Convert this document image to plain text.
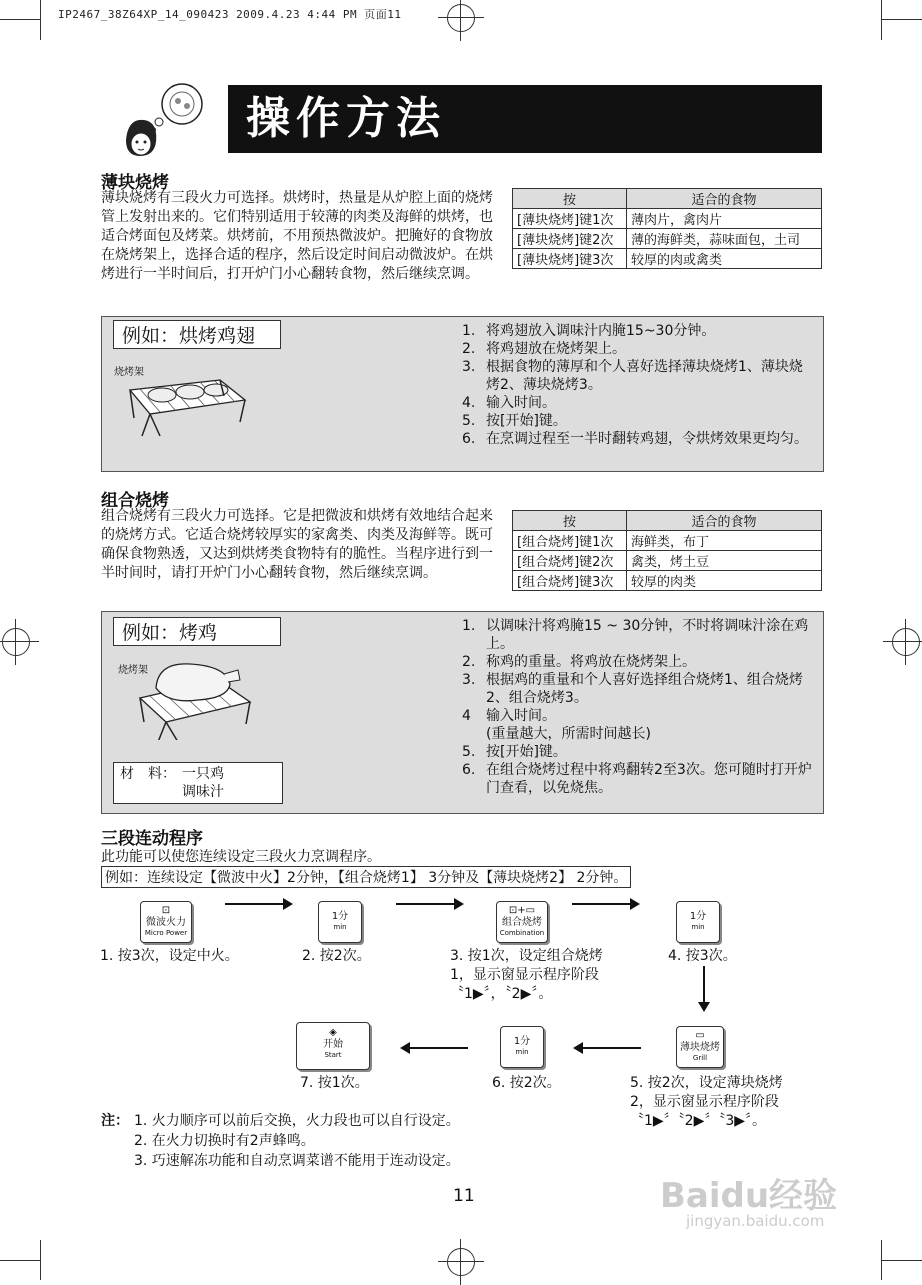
IP2467_38Z64XP_14_090423 2009.4.23 4:44 PM 页面11
操作方法
薄块烧烤
薄块烧烤有三段火力可选择。烘烤时，热量是从炉腔上面的烧烤管上发射出来的。它们特别适用于较薄的肉类及海鲜的烘烤，也适合烤面包及烤菜。烘烤前，不用预热微波炉。把腌好的食物放在烧烤架上，选择合适的程序，然后设定时间启动微波炉。在烘烤进行一半时间后，打开炉门小心翻转食物，然后继续烹调。
按	适合的食物
[薄块烧烤]键1次	薄肉片，禽肉片
[薄块烧烤]键2次	薄的海鲜类，蒜味面包，土司
[薄块烧烤]键3次	较厚的肉或禽类
例如：烘烤鸡翅
烧烤架
1. 将鸡翅放入调味汁内腌15~30分钟。
2. 将鸡翅放在烧烤架上。
3. 根据食物的薄厚和个人喜好选择薄块烧烤1、薄块烧烤2、薄块烧烤3。
4. 输入时间。
5. 按[开始]键。
6. 在烹调过程至一半时翻转鸡翅，令烘烤效果更均匀。
组合烧烤
组合烧烤有三段火力可选择。它是把微波和烘烤有效地结合起来的烧烤方式。它适合烧烤较厚实的家禽类、肉类及海鲜等。既可确保食物熟透，又达到烘烤类食物特有的脆性。当程序进行到一半时间时，请打开炉门小心翻转食物，然后继续烹调。
按	适合的食物
[组合烧烤]键1次	海鲜类，布丁
[组合烧烤]键2次	禽类，烤土豆
[组合烧烤]键3次	较厚的肉类
例如：烤鸡
烧烤架
材　料： 一只鸡
调味汁
1. 以调味汁将鸡腌15 ~ 30分钟，不时将调味汁涂在鸡上。
2. 称鸡的重量。将鸡放在烧烤架上。
3. 根据鸡的重量和个人喜好选择组合烧烤1、组合烧烤2、组合烧烤3。
4 输入时间。
(重量越大，所需时间越长)
5. 按[开始]键。
6. 在组合烧烤过程中将鸡翻转2至3次。您可随时打开炉门查看，以免烧焦。
三段连动程序
此功能可以使您连续设定三段火力烹调程序。
例如：连续设定【微波中火】2分钟，【组合烧烤1】 3分钟及【薄块烧烤2】 2分钟。
⊡
微波火力
Micro Power
1分
min
⊡+▭
组合烧烤
Combination
1分
min
1. 按3次，设定中火。	2. 按2次。	3. 按1次，设定组合烧烤1，显示窗显示程序阶段〝1▶〞，〝2▶〞。
4. 按3次。
◈
开始
Start
1分
min
▭
薄块烧烤
Grill
7. 按1次。	6. 按2次。	5. 按2次，设定薄块烧烤2，显示窗显示程序阶段〝1▶〞〝2▶〞〝3▶〞。
注： 1. 火力顺序可以前后交换，火力段也可以自行设定。
2. 在火力切换时有2声蜂鸣。
3. 巧速解冻功能和自动烹调菜谱不能用于连动设定。
11	Baidu经验
jingyan.baidu.com
